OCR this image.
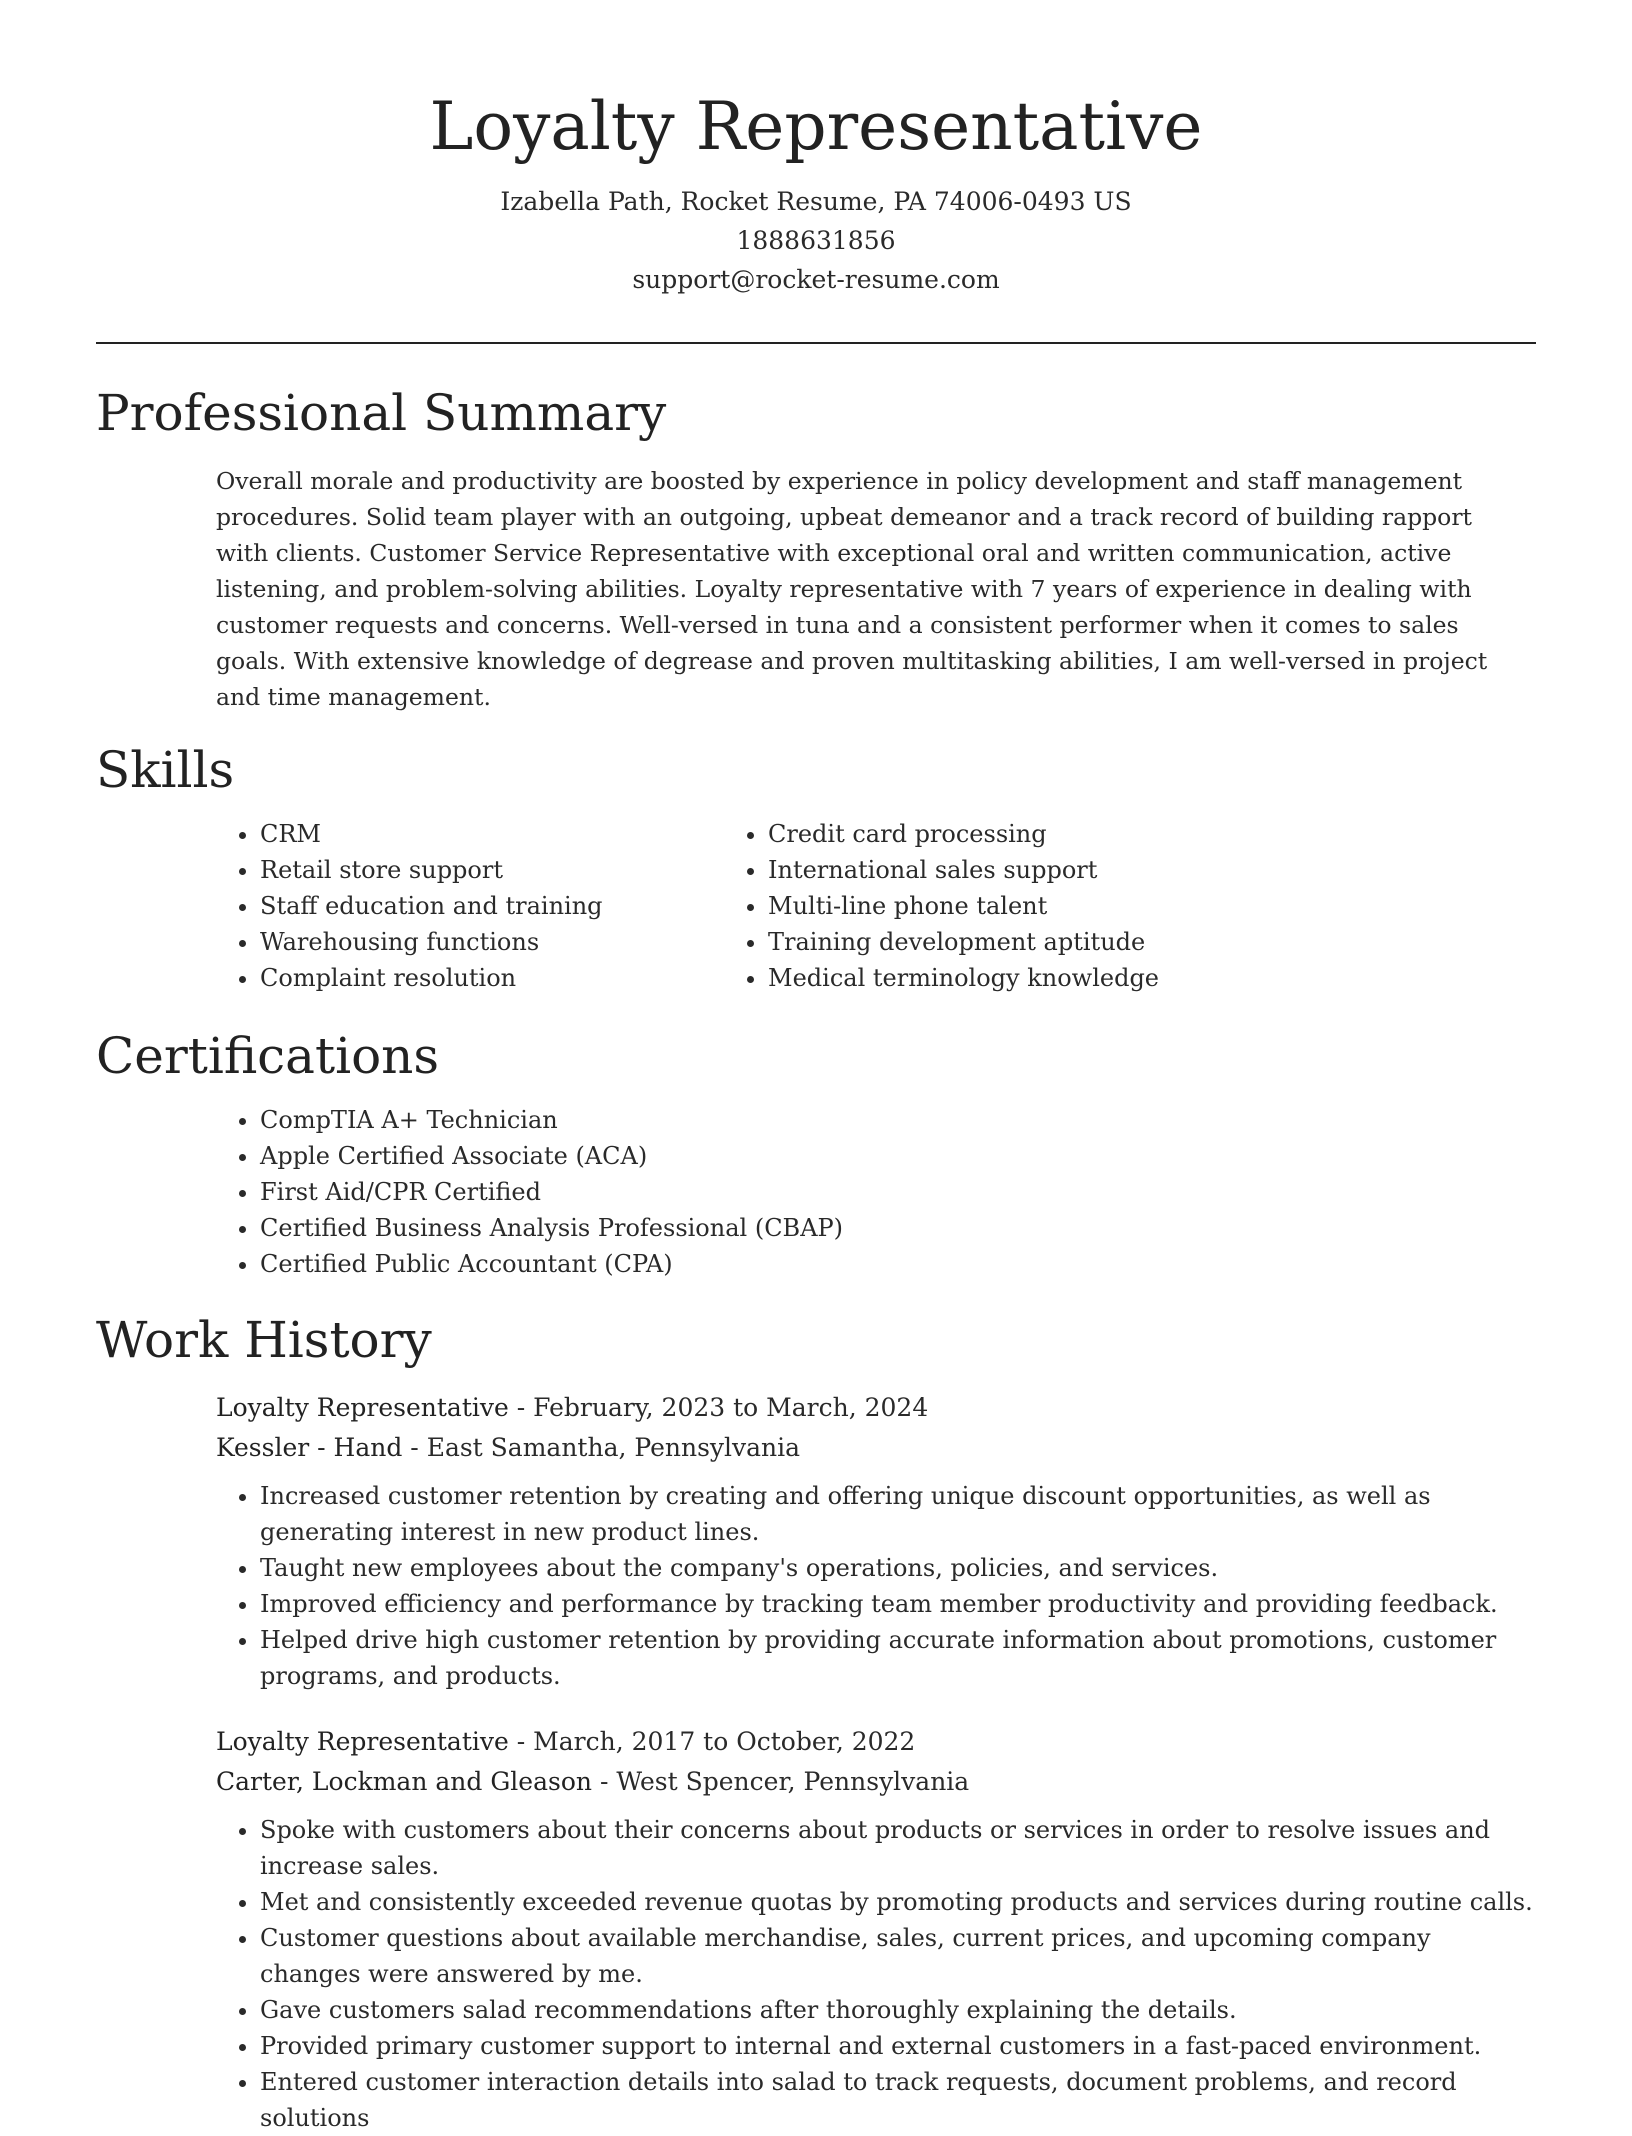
Loyalty Representative
Izabella Path, Rocket Resume, PA 74006-0493 US
1888631856
support@rocket-resume.com
Professional Summary
Overall morale and productivity are boosted by experience in policy development and staff management procedures. Solid team player with an outgoing, upbeat demeanor and a track record of building rapport with clients. Customer Service Representative with exceptional oral and written communication, active listening, and problem-solving abilities. Loyalty representative with 7 years of experience in dealing with customer requests and concerns. Well-versed in tuna and a consistent performer when it comes to sales goals. With extensive knowledge of degrease and proven multitasking abilities, I am well-versed in project and time management.
Skills
• CRM
• Retail store support
• Staff education and training
• Warehousing functions
• Complaint resolution
• Credit card processing
• International sales support
• Multi-line phone talent
• Training development aptitude
• Medical terminology knowledge
Certifications
• CompTIA A+ Technician
• Apple Certified Associate (ACA)
• First Aid/CPR Certified
• Certified Business Analysis Professional (CBAP)
• Certified Public Accountant (CPA)
Work History
Loyalty Representative - February, 2023 to March, 2024
Kessler - Hand - East Samantha, Pennsylvania
• Increased customer retention by creating and offering unique discount opportunities, as well as generating interest in new product lines.
• Taught new employees about the company's operations, policies, and services.
• Improved efficiency and performance by tracking team member productivity and providing feedback.
• Helped drive high customer retention by providing accurate information about promotions, customer programs, and products.
Loyalty Representative - March, 2017 to October, 2022
Carter, Lockman and Gleason - West Spencer, Pennsylvania
• Spoke with customers about their concerns about products or services in order to resolve issues and increase sales.
• Met and consistently exceeded revenue quotas by promoting products and services during routine calls.
• Customer questions about available merchandise, sales, current prices, and upcoming company changes were answered by me.
• Gave customers salad recommendations after thoroughly explaining the details.
• Provided primary customer support to internal and external customers in a fast-paced environment.
• Entered customer interaction details into salad to track requests, document problems, and record solutions
